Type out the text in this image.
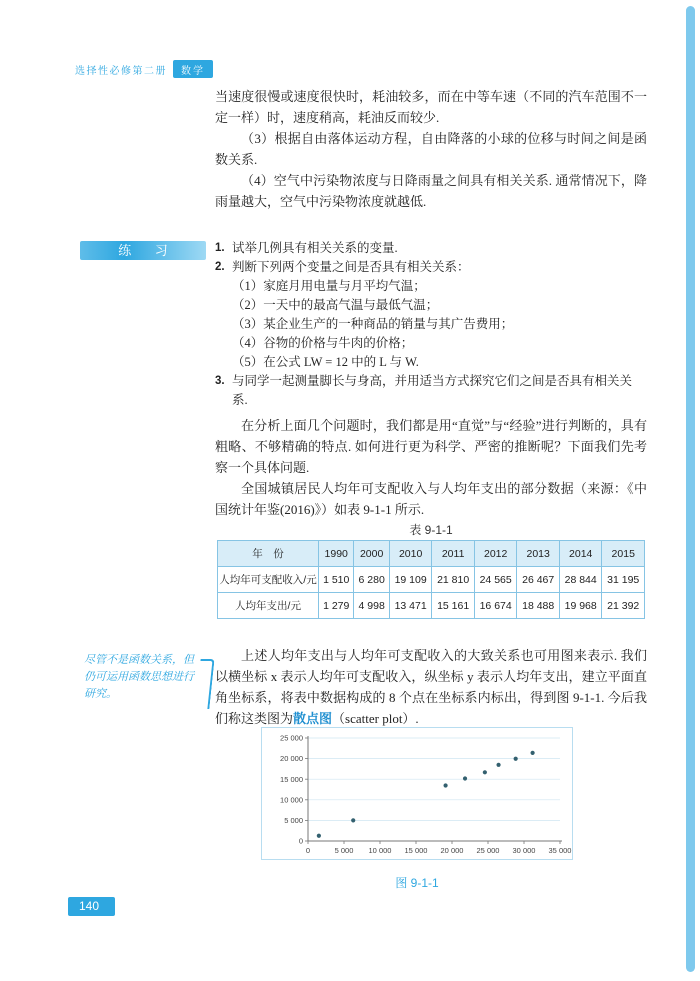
选择性必修第二册	数学

当速度很慢或速度很快时，耗油较多，而在中等车速（不同的汽车范围不一定一样）时，速度稍高，耗油反而较少.

（3）根据自由落体运动方程，自由降落的小球的位移与时间之间是函数关系.

（4）空气中污染物浓度与日降雨量之间具有相关关系. 通常情况下，降雨量越大，空气中污染物浓度就越低.

练 习	1. 试举几例具有相关关系的变量.
2. 判断下列两个变量之间是否具有相关关系：
（1）家庭月用电量与月平均气温；
（2）一天中的最高气温与最低气温；
（3）某企业生产的一种商品的销量与其广告费用；
（4）谷物的价格与牛肉的价格；
（5）在公式 LW = 12 中的 L 与 W.
3. 与同学一起测量脚长与身高，并用适当方式探究它们之间是否具有相关关系.

在分析上面几个问题时，我们都是用“直觉”与“经验”进行判断的，具有粗略、不够精确的特点. 如何进行更为科学、严密的推断呢？下面我们先考察一个具体问题.

全国城镇居民人均年可支配收入与人均年支出的部分数据（来源：《中国统计年鉴(2016)》）如表 9-1-1 所示.

表 9-1-1
年　份	1990	2000	2010	2011	2012	2013	2014	2015
人均年可支配收入/元	1 510	6 280	19 109	21 810	24 565	26 467	28 844	31 195
人均年支出/元	1 279	4 998	13 471	15 161	16 674	18 488	19 968	21 392

上述人均年支出与人均年可支配收入的大致关系也可用图来表示. 我们以横坐标 x 表示人均年可支配收入，纵坐标 y 表示人均年支出，建立平面直角坐标系，将表中数据构成的 8 个点在坐标系内标出，得到图 9-1-1. 今后我们称这类图为散点图（scatter plot）.

尽管不是函数关系，但仍可运用函数思想进行研究。
0
5 000
10 000
15 000
20 000
25 000
0	5 000 10 000 15 000 20 000 25 000 30 000 35 000
图 9-1-1
140
